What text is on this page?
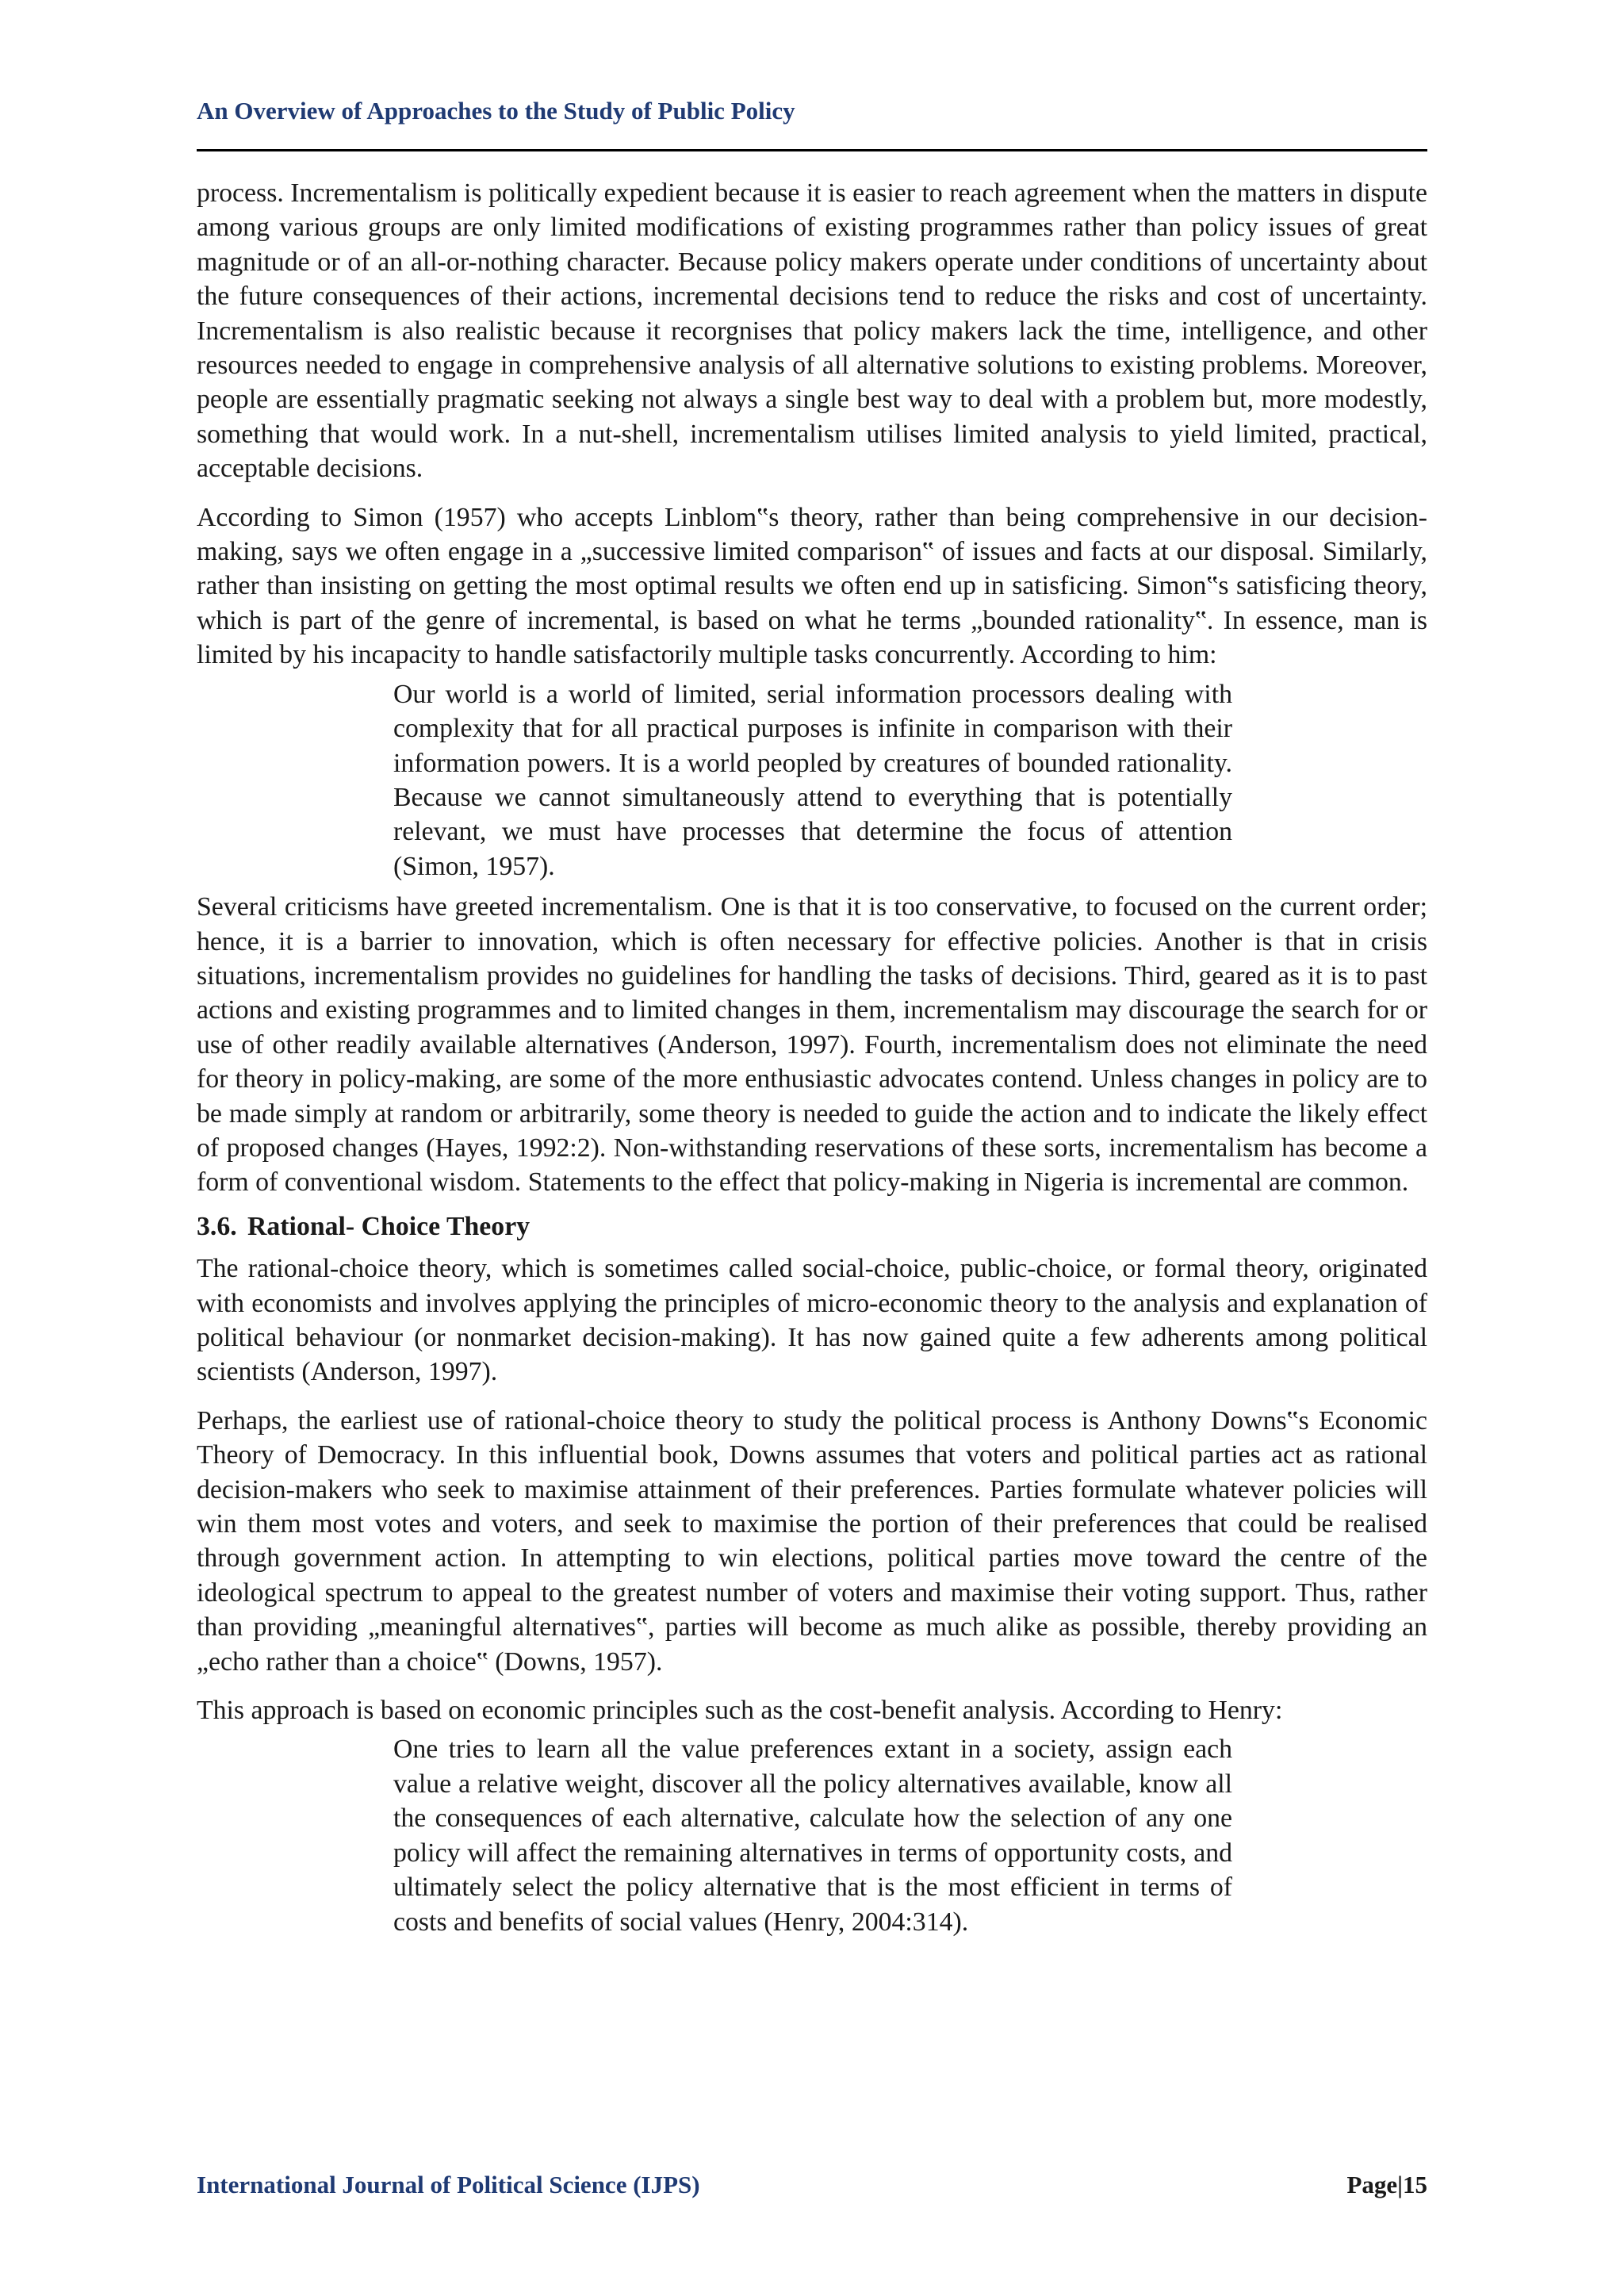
An Overview of Approaches to the Study of Public Policy

process. Incrementalism is politically expedient because it is easier to reach agreement when the matters in dispute among various groups are only limited modifications of existing programmes rather than policy issues of great magnitude or of an all-or-nothing character. Because policy makers operate under conditions of uncertainty about the future consequences of their actions, incremental decisions tend to reduce the risks and cost of uncertainty. Incrementalism is also realistic because it recorgnises that policy makers lack the time, intelligence, and other resources needed to engage in comprehensive analysis of all alternative solutions to existing problems. Moreover, people are essentially pragmatic seeking not always a single best way to deal with a problem but, more modestly, something that would work. In a nut-shell, incrementalism utilises limited analysis to yield limited, practical, acceptable decisions.

According to Simon (1957) who accepts Linblom‟s theory, rather than being comprehensive in our decision-making, says we often engage in a „successive limited comparison‟ of issues and facts at our disposal. Similarly, rather than insisting on getting the most optimal results we often end up in satisficing. Simon‟s satisficing theory, which is part of the genre of incremental, is based on what he terms „bounded rationality‟. In essence, man is limited by his incapacity to handle satisfactorily multiple tasks concurrently. According to him:

Our world is a world of limited, serial information processors dealing with complexity that for all practical purposes is infinite in comparison with their information powers. It is a world peopled by creatures of bounded rationality. Because we cannot simultaneously attend to everything that is potentially relevant, we must have processes that determine the focus of attention (Simon, 1957).

Several criticisms have greeted incrementalism. One is that it is too conservative, to focused on the current order; hence, it is a barrier to innovation, which is often necessary for effective policies. Another is that in crisis situations, incrementalism provides no guidelines for handling the tasks of decisions. Third, geared as it is to past actions and existing programmes and to limited changes in them, incrementalism may discourage the search for or use of other readily available alternatives (Anderson, 1997). Fourth, incrementalism does not eliminate the need for theory in policy-making, are some of the more enthusiastic advocates contend. Unless changes in policy are to be made simply at random or arbitrarily, some theory is needed to guide the action and to indicate the likely effect of proposed changes (Hayes, 1992:2). Non-withstanding reservations of these sorts, incrementalism has become a form of conventional wisdom. Statements to the effect that policy-making in Nigeria is incremental are common.

3.6. Rational- Choice Theory

The rational-choice theory, which is sometimes called social-choice, public-choice, or formal theory, originated with economists and involves applying the principles of micro-economic theory to the analysis and explanation of political behaviour (or nonmarket decision-making). It has now gained quite a few adherents among political scientists (Anderson, 1997).

Perhaps, the earliest use of rational-choice theory to study the political process is Anthony Downs‟s Economic Theory of Democracy. In this influential book, Downs assumes that voters and political parties act as rational decision-makers who seek to maximise attainment of their preferences. Parties formulate whatever policies will win them most votes and voters, and seek to maximise the portion of their preferences that could be realised through government action. In attempting to win elections, political parties move toward the centre of the ideological spectrum to appeal to the greatest number of voters and maximise their voting support. Thus, rather than providing „meaningful alternatives‟, parties will become as much alike as possible, thereby providing an „echo rather than a choice‟ (Downs, 1957).

This approach is based on economic principles such as the cost-benefit analysis. According to Henry:

One tries to learn all the value preferences extant in a society, assign each value a relative weight, discover all the policy alternatives available, know all the consequences of each alternative, calculate how the selection of any one policy will affect the remaining alternatives in terms of opportunity costs, and ultimately select the policy alternative that is the most efficient in terms of costs and benefits of social values (Henry, 2004:314).
International Journal of Political Science (IJPS)	Page|15
